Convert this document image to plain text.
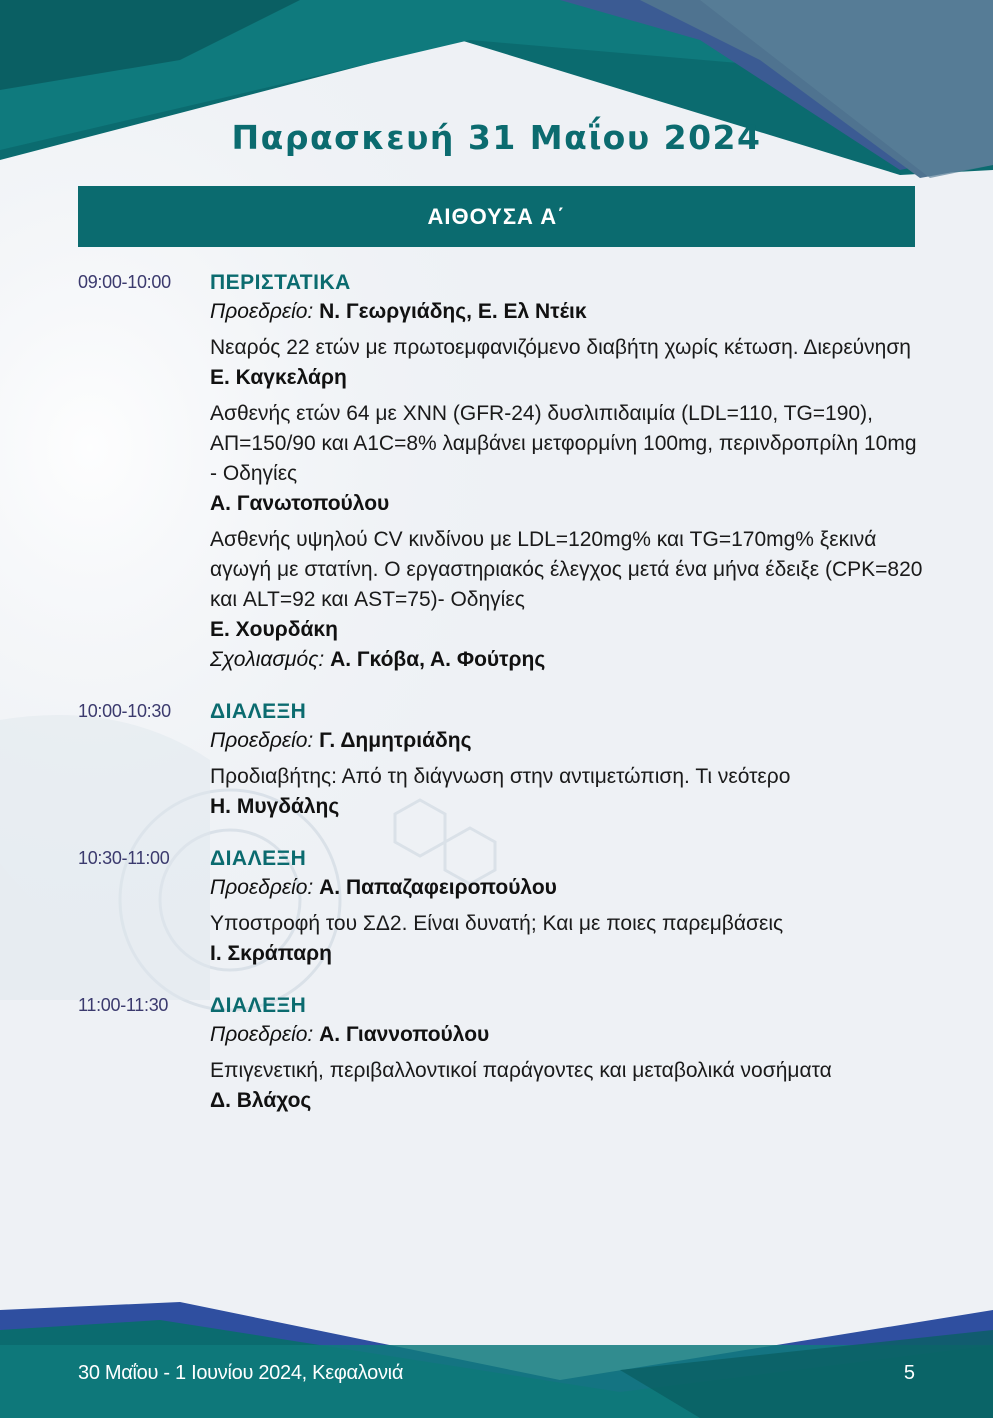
Παρασκευή 31 Μαΐου 2024
ΑΙΘΟΥΣΑ Α΄
09:00-10:00 ΠΕΡΙΣΤΑΤΙΚΑ
Προεδρείο: Ν. Γεωργιάδης, Ε. Ελ Ντέικ
Νεαρός 22 ετών με πρωτοεμφανιζόμενο διαβήτη χωρίς κέτωση. Διερεύνηση
Ε. Καγκελάρη
Ασθενής ετών 64 με ΧΝΝ (GFR-24) δυσλιπιδαιμία (LDL=110, TG=190), ΑΠ=150/90 και Α1C=8% λαμβάνει μετφορμίνη 100mg, περινδροπρίλη 10mg - Οδηγίες
Α. Γανωτοπούλου
Ασθενής υψηλού CV κινδίνου με LDL=120mg% και TG=170mg% ξεκινά αγωγή με στατίνη. Ο εργαστηριακός έλεγχος μετά ένα μήνα έδειξε (CPK=820 και ALT=92 και AST=75)- Οδηγίες
Ε. Χουρδάκη
Σχολιασμός: Α. Γκόβα, Α. Φούτρης
10:00-10:30 ΔΙΑΛΕΞΗ
Προεδρείο: Γ. Δημητριάδης
Προδιαβήτης: Από τη διάγνωση στην αντιμετώπιση. Τι νεότερο
Η. Μυγδάλης
10:30-11:00 ΔΙΑΛΕΞΗ
Προεδρείο: Α. Παπαζαφειροπούλου
Υποστροφή του ΣΔ2. Είναι δυνατή; Και με ποιες παρεμβάσεις
Ι. Σκράπαρη
11:00-11:30 ΔΙΑΛΕΞΗ
Προεδρείο: Α. Γιαννοπούλου
Επιγενετική, περιβαλλοντικοί παράγοντες και μεταβολικά νοσήματα
Δ. Βλάχος
30 Μαΐου - 1 Ιουνίου 2024, Κεφαλονιά	5
